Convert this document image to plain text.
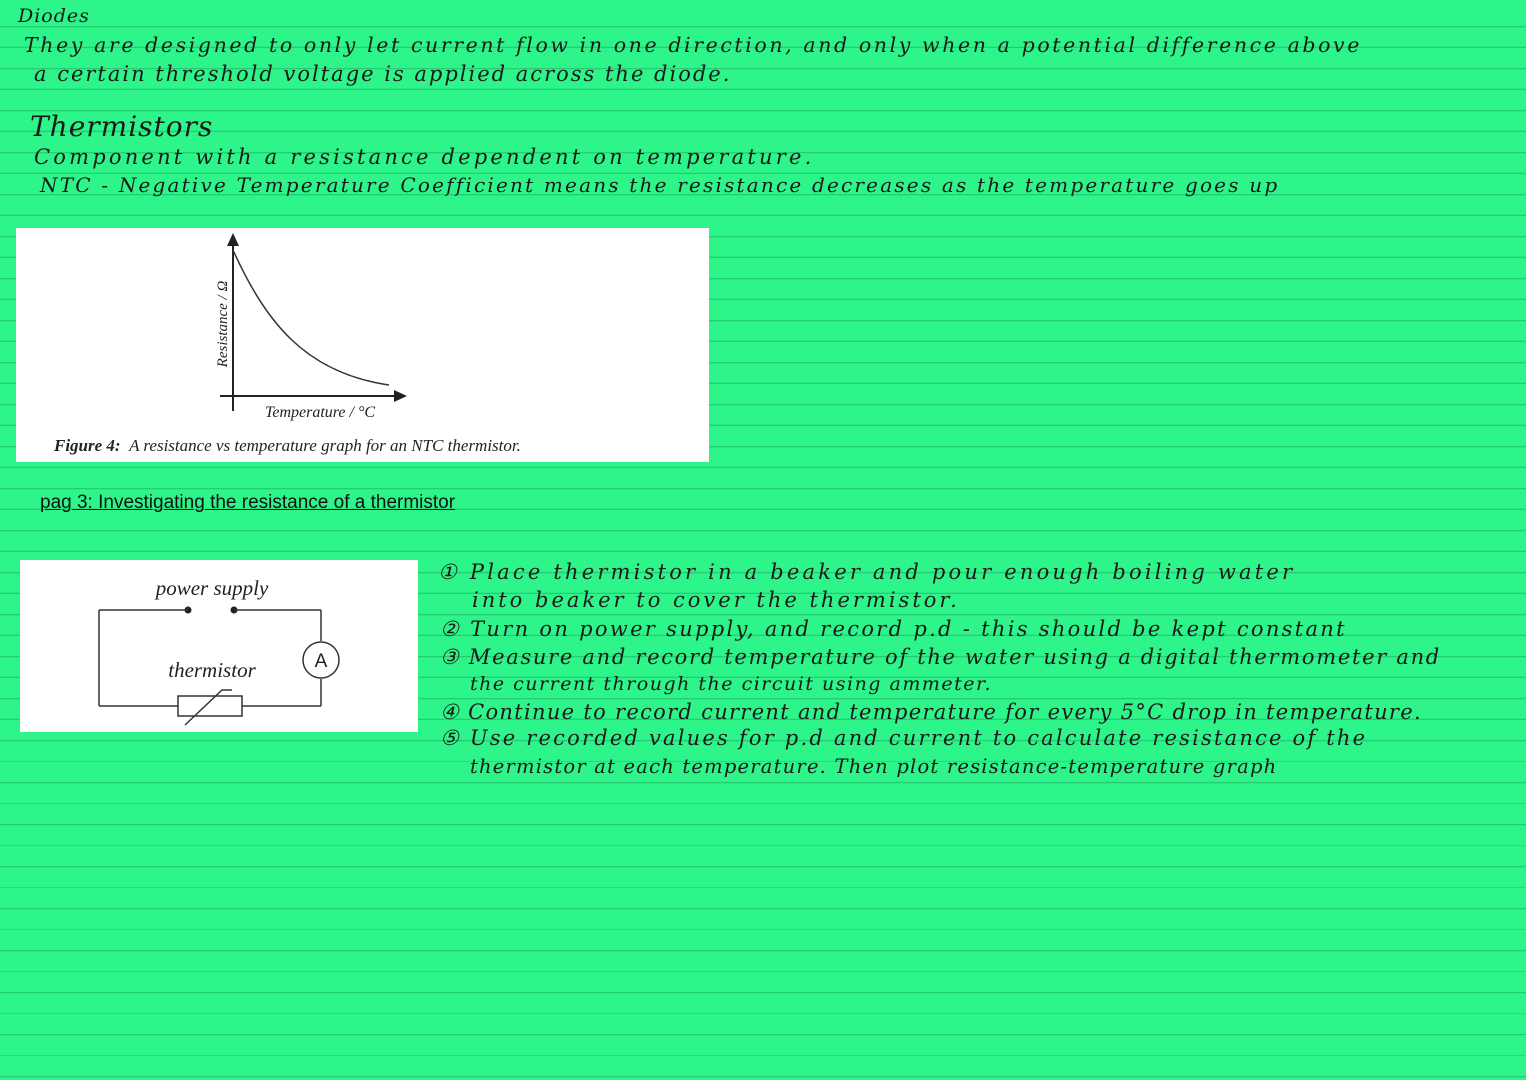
Diodes
They are designed to only let current flow in one direction, and only when a potential difference above
a certain threshold voltage is applied across the diode.
Thermistors
Component with a resistance dependent on temperature.
NTC - Negative Temperature Coefficient means the resistance decreases as the temperature goes up
Resistance / Ω
Temperature / °C
Figure 4: A resistance vs temperature graph for an NTC thermistor.
pag 3: Investigating the resistance of a thermistor
power supply
A
thermistor
① Place thermistor in a beaker and pour enough boiling water
into beaker to cover the thermistor.
② Turn on power supply, and record p.d - this should be kept constant
③ Measure and record temperature of the water using a digital thermometer and
the current through the circuit using ammeter.
④ Continue to record current and temperature for every 5°C drop in temperature.
⑤ Use recorded values for p.d and current to calculate resistance of the
thermistor at each temperature. Then plot resistance-temperature graph
